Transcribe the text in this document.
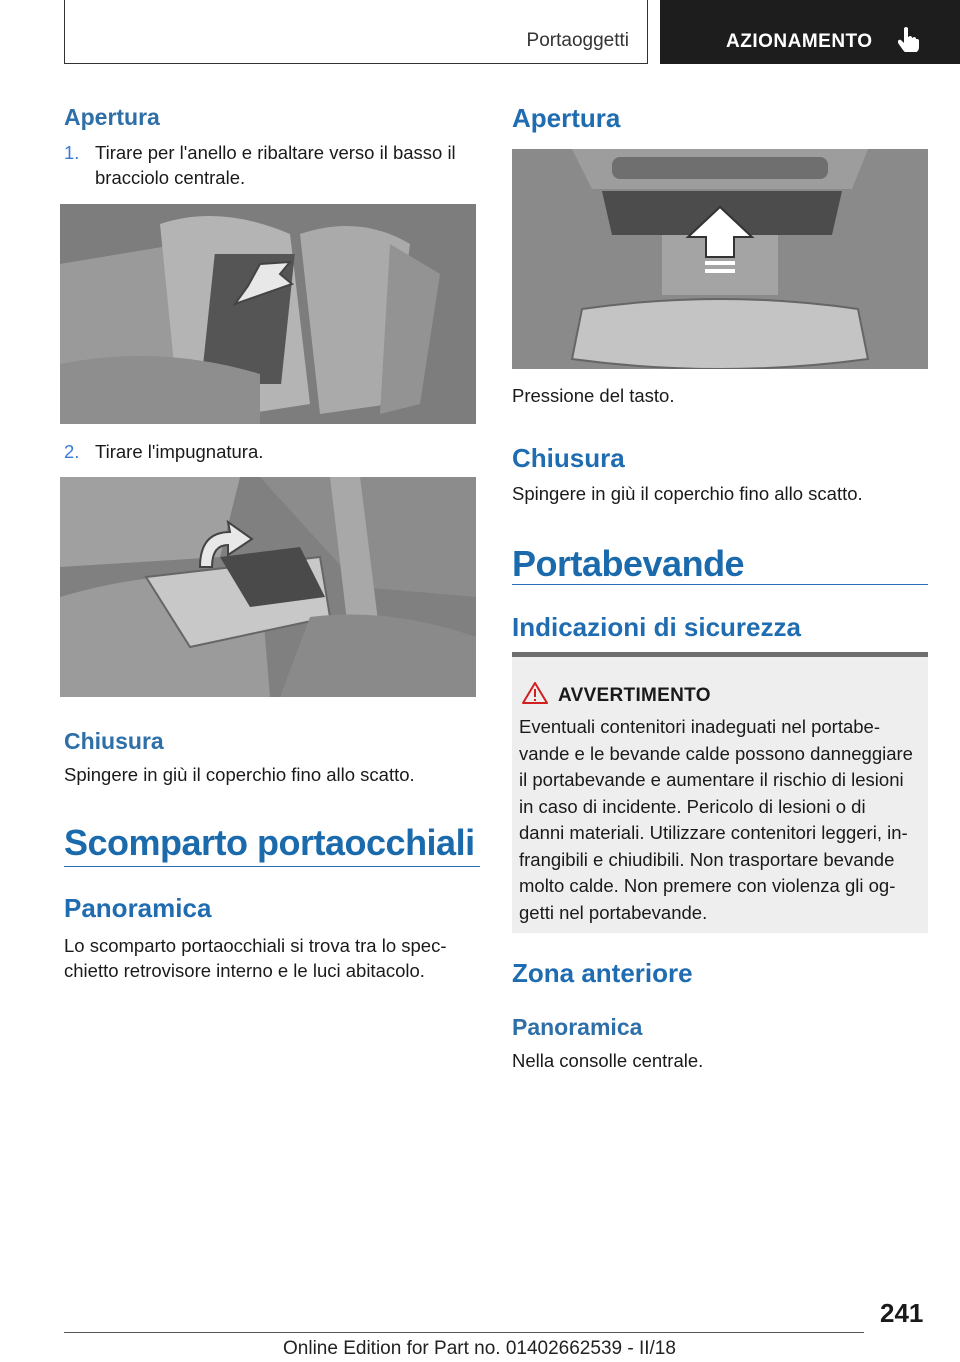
Portaoggetti	AZIONAMENTO
Apertura
1. Tirare per l'anello e ribaltare verso il basso il
bracciolo centrale.
2. Tirare l'impugnatura.
Chiusura
Spingere in giù il coperchio fino allo scatto.
Scomparto portaocchiali
Panoramica
Lo scomparto portaocchiali si trova tra lo spec-
chietto retrovisore interno e le luci abitacolo.
Apertura
Pressione del tasto.
Chiusura
Spingere in giù il coperchio fino allo scatto.
Portabevande
Indicazioni di sicurezza
AVVERTIMENTO
Eventuali contenitori inadeguati nel portabe-
vande e le bevande calde possono danneggiare
il portabevande e aumentare il rischio di lesioni
in caso di incidente. Pericolo di lesioni o di
danni materiali. Utilizzare contenitori leggeri, in-
frangibili e chiudibili. Non trasportare bevande
molto calde. Non premere con violenza gli og-
getti nel portabevande.
Zona anteriore
Panoramica
Nella consolle centrale.
241
Online Edition for Part no. 01402662539 - II/18
